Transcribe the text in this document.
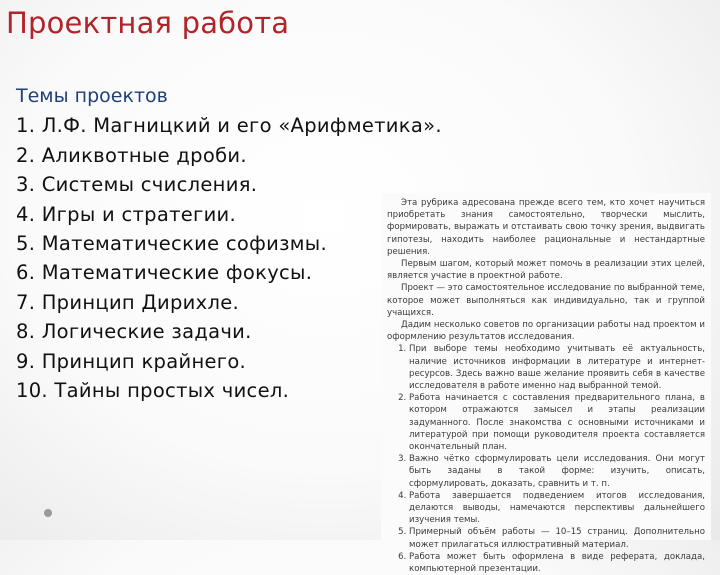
Проектная работа
Темы проектов
1. Л.Ф. Магницкий и его «Арифметика».
2. Аликвотные дроби.
3. Системы счисления.
4. Игры и стратегии.
5. Математические софизмы.
6. Математические фокусы.
7. Принцип Дирихле.
8. Логические задачи.
9. Принцип крайнего.
10. Тайны простых чисел.

Эта рубрика адресована прежде всего тем, кто хочет научиться приобретать знания самостоятельно, творчески мыслить, формировать, выражать и отстаивать свою точку зрения, выдвигать гипотезы, находить наиболее рациональные и нестандартные решения.

Первым шагом, который может помочь в реализации этих целей, является участие в проектной работе.

Проект — это самостоятельное исследование по выбранной теме, которое может выполняться как индивидуально, так и группой учащихся.

Дадим несколько советов по организации работы над проектом и оформлению результатов исследования.

1. При выборе темы необходимо учитывать её актуальность, наличие источников информации в литературе и интернет-ресурсов. Здесь важно ваше желание проявить себя в качестве исследователя в работе именно над выбранной темой.
2. Работа начинается с составления предварительного плана, в котором отражаются замысел и этапы реализации задуманного. После знакомства с основными источниками и литературой при помощи руководителя проекта составляется окончательный план.
3. Важно чётко сформулировать цели исследования. Они могут быть заданы в такой форме: изучить, описать, сформулировать, доказать, сравнить и т. п.
4. Работа завершается подведением итогов исследования, делаются выводы, намечаются перспективы дальнейшего изучения темы.
5. Примерный объём работы — 10–15 страниц. Дополнительно может прилагаться иллюстративный материал.
6. Работа может быть оформлена в виде реферата, доклада, компьютерной презентации.
